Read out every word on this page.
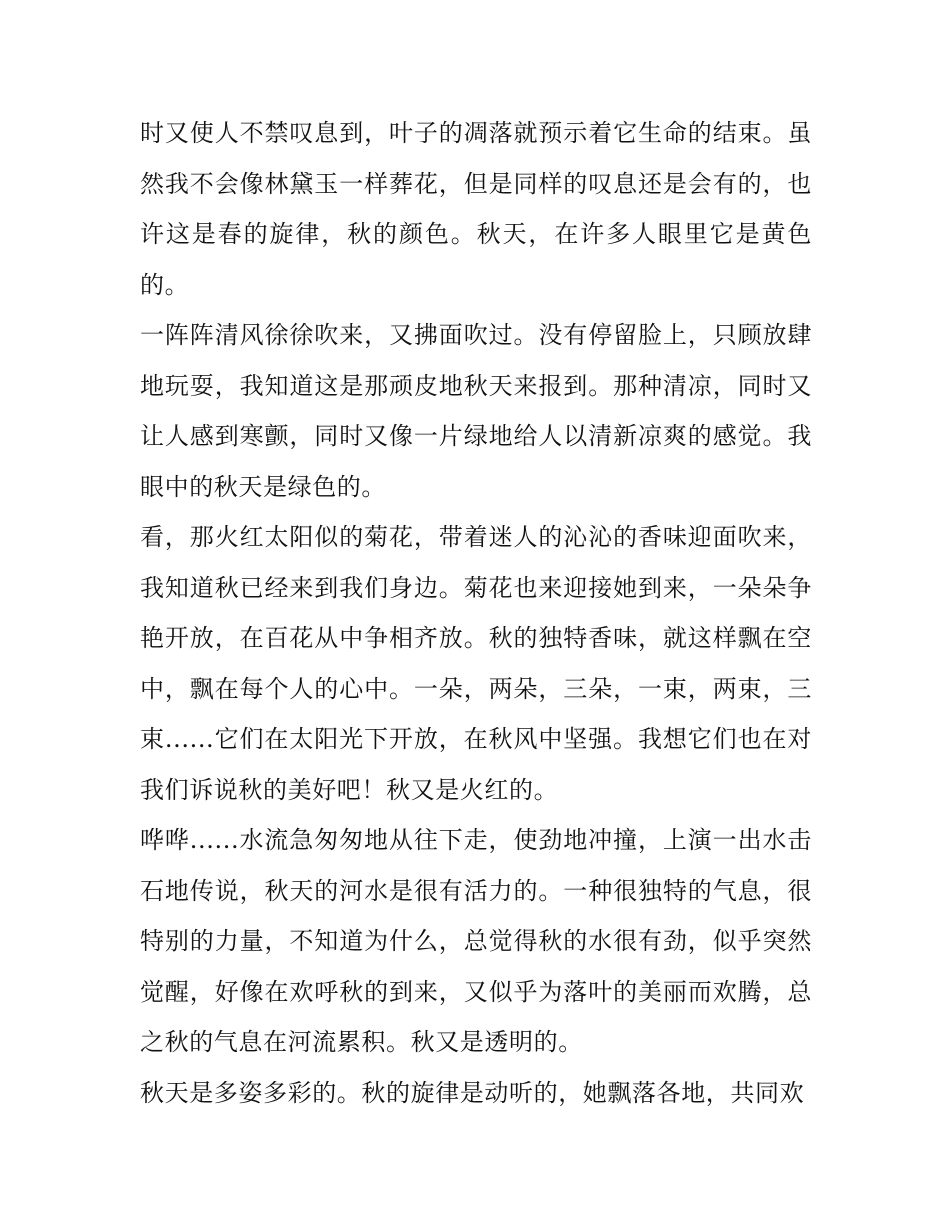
时又使人不禁叹息到，叶子的凋落就预示着它生命的结束。虽然我不会像林黛玉一样葬花，但是同样的叹息还是会有的，也许这是春的旋律，秋的颜色。秋天，在许多人眼里它是黄色的。

一阵阵清风徐徐吹来，又拂面吹过。没有停留脸上，只顾放肆地玩耍，我知道这是那顽皮地秋天来报到。那种清凉，同时又让人感到寒颤，同时又像一片绿地给人以清新凉爽的感觉。我眼中的秋天是绿色的。

看，那火红太阳似的菊花，带着迷人的沁沁的香味迎面吹来，我知道秋已经来到我们身边。菊花也来迎接她到来，一朵朵争艳开放，在百花从中争相齐放。秋的独特香味，就这样飘在空中，飘在每个人的心中。一朵，两朵，三朵，一束，两束，三束......它们在太阳光下开放，在秋风中坚强。我想它们也在对我们诉说秋的美好吧！秋又是火红的。

哗哗......水流急匆匆地从往下走，使劲地冲撞，上演一出水击石地传说，秋天的河水是很有活力的。一种很独特的气息，很特别的力量，不知道为什么，总觉得秋的水很有劲，似乎突然觉醒，好像在欢呼秋的到来，又似乎为落叶的美丽而欢腾，总之秋的气息在河流累积。秋又是透明的。

秋天是多姿多彩的。秋的旋律是动听的，她飘落各地，共同欢
